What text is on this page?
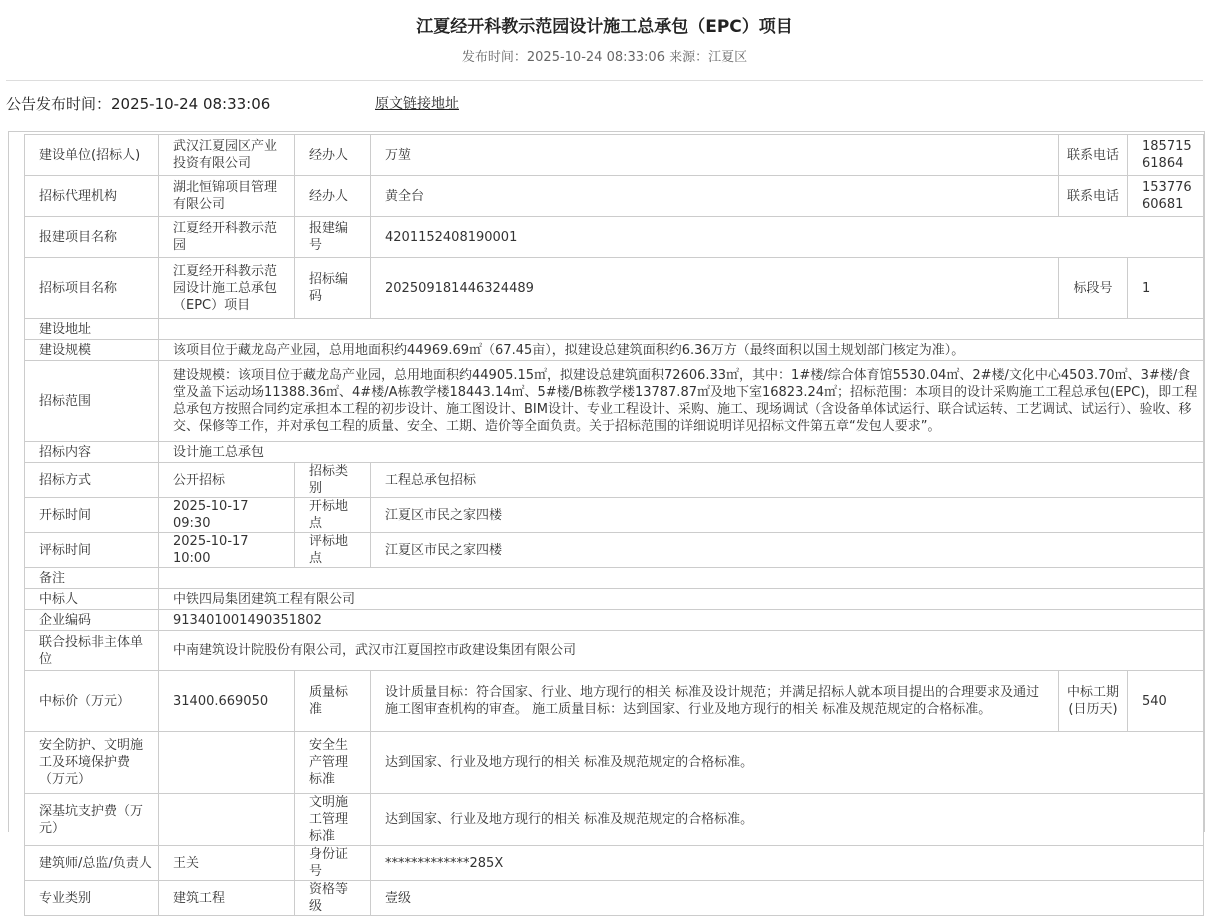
江夏经开科教示范园设计施工总承包（EPC）项目
发布时间：2025-10-24 08:33:06 来源：江夏区
公告发布时间：2025-10-24 08:33:06	原文链接地址
建设单位(招标人)	武汉江夏园区产业投资有限公司	经办人	万堃	联系电话	18571561864
招标代理机构	湖北恒锦项目管理有限公司	经办人	黄全台	联系电话	15377660681
报建项目名称	江夏经开科教示范园	报建编号	4201152408190001		
招标项目名称	江夏经开科教示范园设计施工总承包（EPC）项目	招标编码	202509181446324489	标段号	1
建设地址					
建设规模	该项目位于藏龙岛产业园，总用地面积约44969.69㎡（67.45亩），拟建设总建筑面积约6.36万方（最终面积以国土规划部门核定为准）。				
招标范围	建设规模：该项目位于藏龙岛产业园，总用地面积约44905.15㎡，拟建设总建筑面积72606.33㎡，其中：1#楼/综合体育馆5530.04㎡、2#楼/文化中心4503.70㎡、3#楼/食堂及盖下运动场11388.36㎡、4#楼/A栋教学楼18443.14㎡、5#楼/B栋教学楼13787.87㎡及地下室16823.24㎡；招标范围：本项目的设计采购施工工程总承包(EPC)，即工程总承包方按照合同约定承担本工程的初步设计、施工图设计、BIM设计、专业工程设计、采购、施工、现场调试（含设备单体试运行、联合试运转、工艺调试、试运行）、验收、移交、保修等工作，并对承包工程的质量、安全、工期、造价等全面负责。关于招标范围的详细说明详见招标文件第五章“发包人要求”。				
招标内容	设计施工总承包				
招标方式	公开招标	招标类别	工程总承包招标		
开标时间	2025-10-17 09:30	开标地点	江夏区市民之家四楼		
评标时间	2025-10-17 10:00	评标地点	江夏区市民之家四楼		
备注					
中标人	中铁四局集团建筑工程有限公司				
企业编码	913401001490351802				
联合投标非主体单位	中南建筑设计院股份有限公司，武汉市江夏国控市政建设集团有限公司				
中标价（万元）	31400.669050	质量标准	设计质量目标：符合国家、行业、地方现行的相关 标准及设计规范；并满足招标人就本项目提出的合理要求及通过施工图审查机构的审查。 施工质量目标：达到国家、行业及地方现行的相关 标准及规范规定的合格标准。	中标工期(日历天)	540
安全防护、文明施工及环境保护费（万元）		安全生产管理标准	达到国家、行业及地方现行的相关 标准及规范规定的合格标准。		
深基坑支护费（万元）		文明施工管理标准	达到国家、行业及地方现行的相关 标准及规范规定的合格标准。		
建筑师/总监/负责人	王关	身份证号	*************285X		
专业类别	建筑工程	资格等级	壹级		
